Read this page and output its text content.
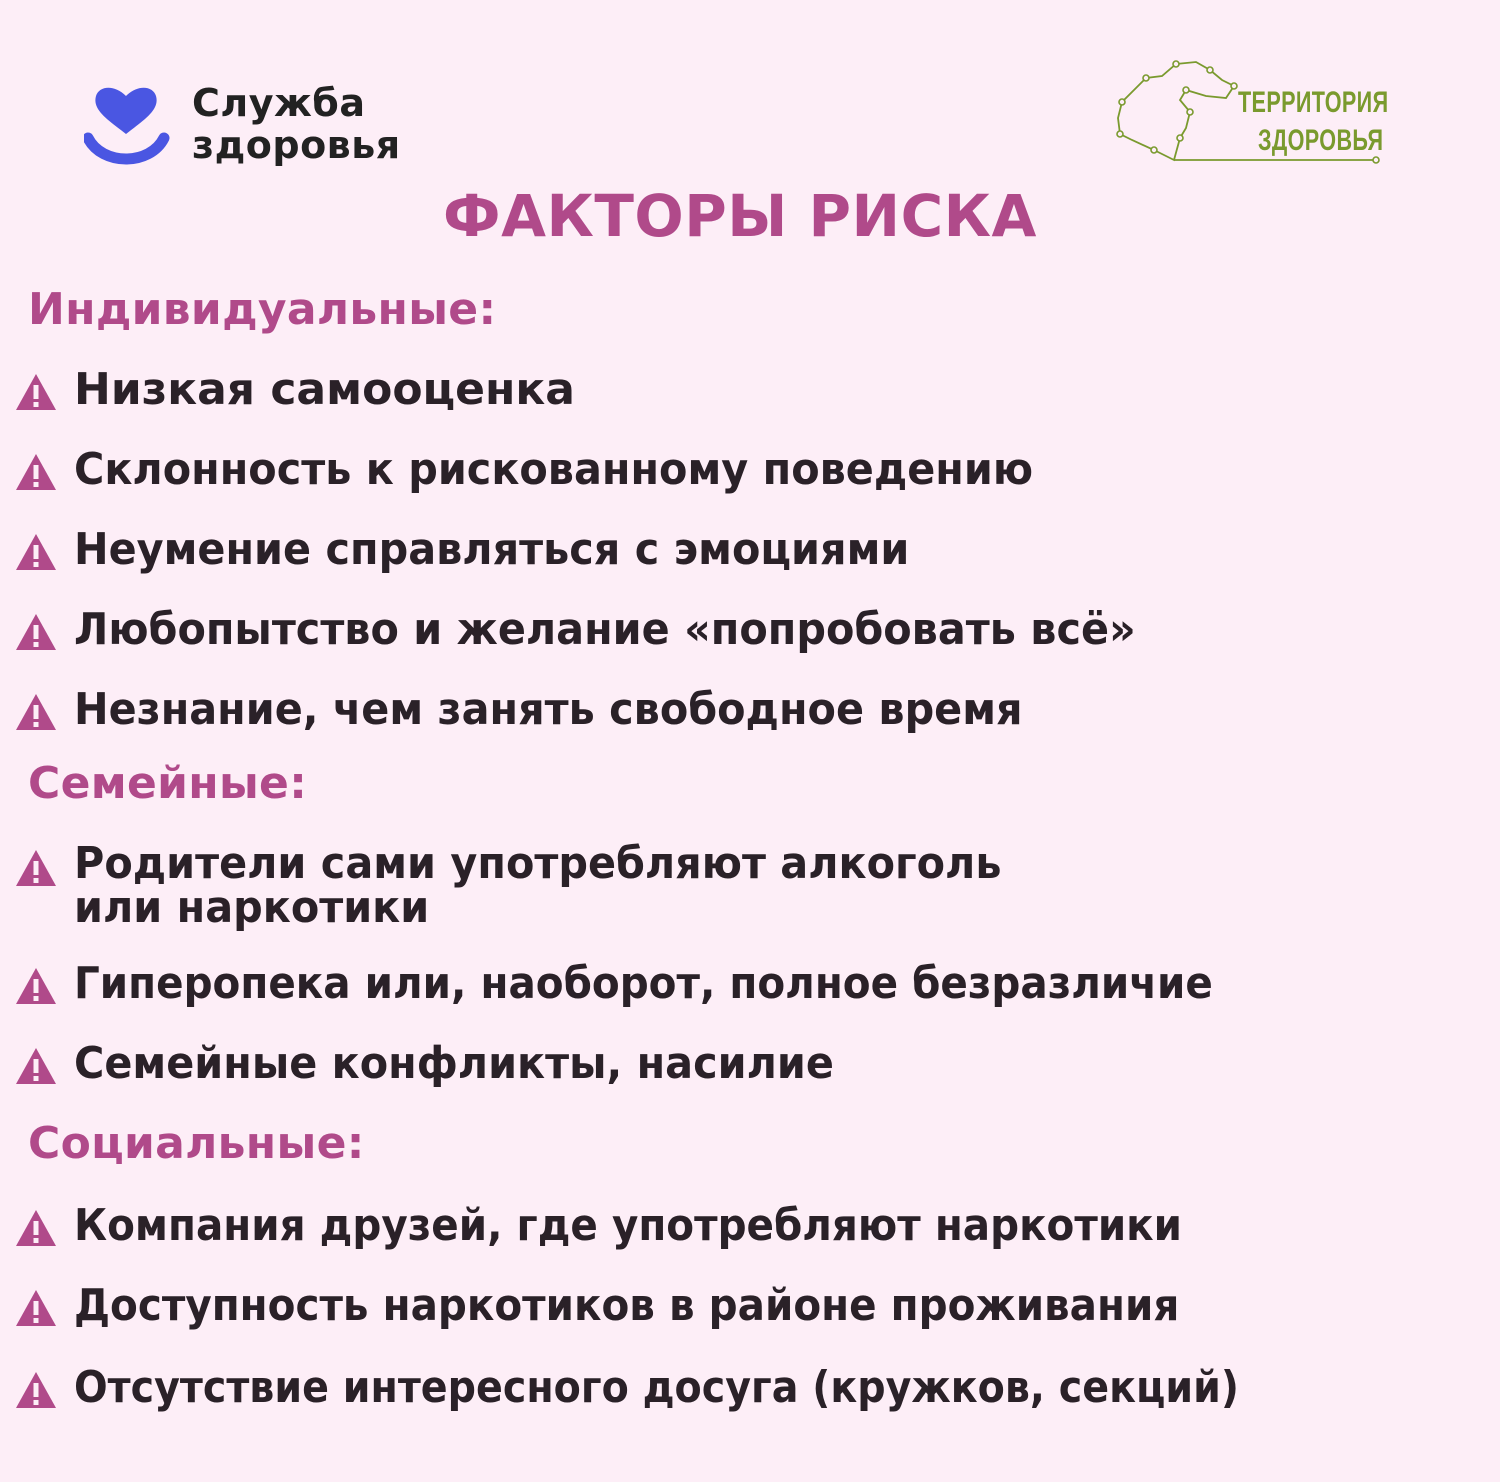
Служба
здоровья
ТЕРРИТОРИЯ
ЗДОРОВЬЯ
ФАКТОРЫ РИСКА
Индивидуальные:
Низкая самооценка
Склонность к рискованному поведению
Неумение справляться с эмоциями
Любопытство и желание «попробовать всё»
Незнание, чем занять свободное время
Семейные:
Родители сами употребляют алкоголь
или наркотики
Гиперопека или, наоборот, полное безразличие
Семейные конфликты, насилие
Социальные:
Компания друзей, где употребляют наркотики
Доступность наркотиков в районе проживания
Отсутствие интересного досуга (кружков, секций)
